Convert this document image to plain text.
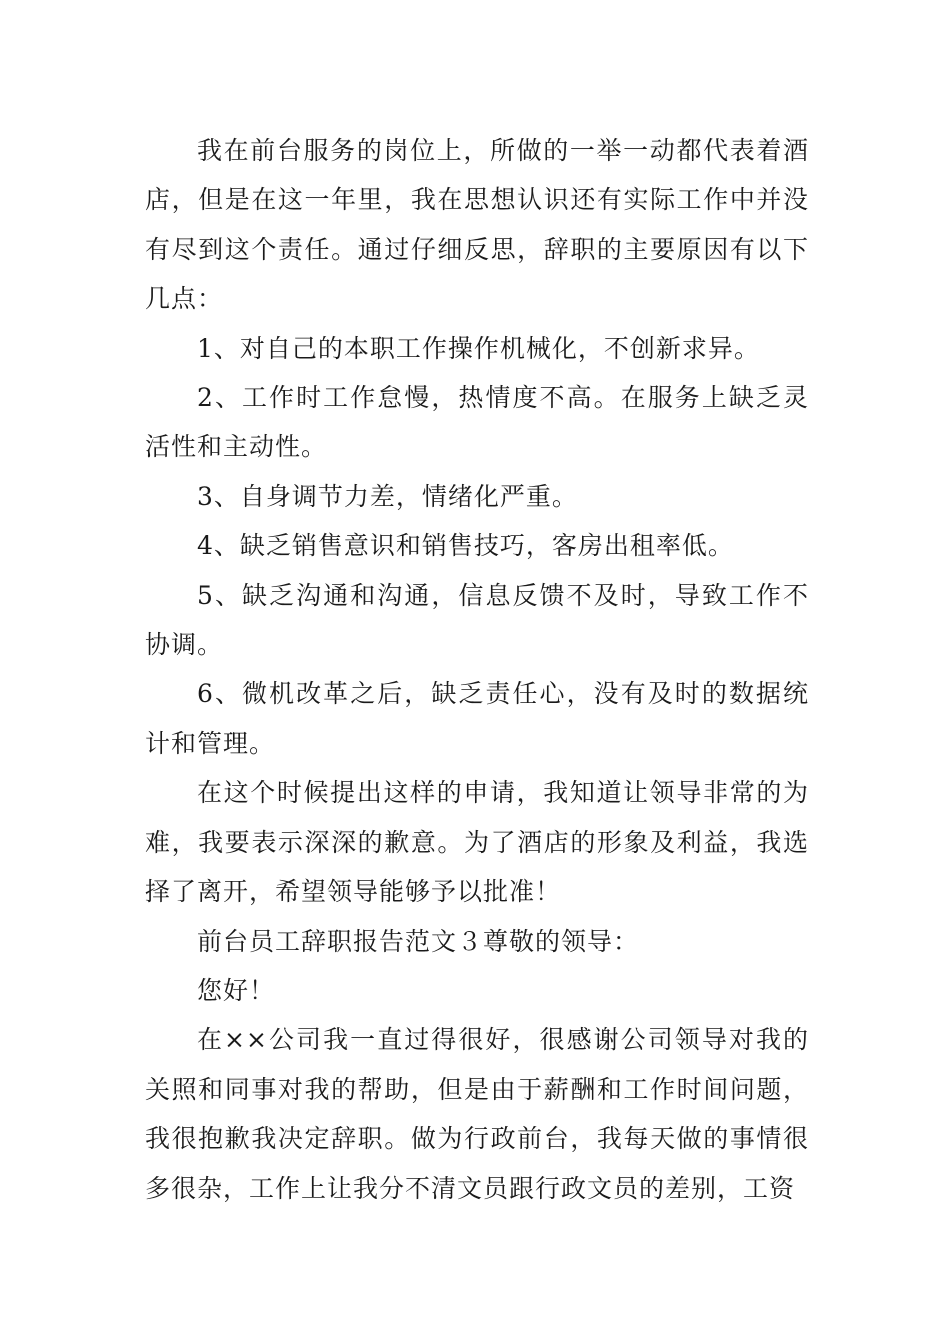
我在前台服务的岗位上，所做的一举一动都代表着酒店，但是在这一年里，我在思想认识还有实际工作中并没有尽到这个责任。通过仔细反思，辞职的主要原因有以下几点：

1、对自己的本职工作操作机械化，不创新求异。

2、工作时工作怠慢，热情度不高。在服务上缺乏灵活性和主动性。

3、自身调节力差，情绪化严重。

4、缺乏销售意识和销售技巧，客房出租率低。

5、缺乏沟通和沟通，信息反馈不及时，导致工作不协调。

6、微机改革之后，缺乏责任心，没有及时的数据统计和管理。

在这个时候提出这样的申请，我知道让领导非常的为难，我要表示深深的歉意。为了酒店的形象及利益，我选择了离开，希望领导能够予以批准！

前台员工辞职报告范文３尊敬的领导：

您好！

在××公司我一直过得很好，很感谢公司领导对我的关照和同事对我的帮助，但是由于薪酬和工作时间问题，我很抱歉我决定辞职。做为行政前台，我每天做的事情很多很杂，工作上让我分不清文员跟行政文员的差别，工资
